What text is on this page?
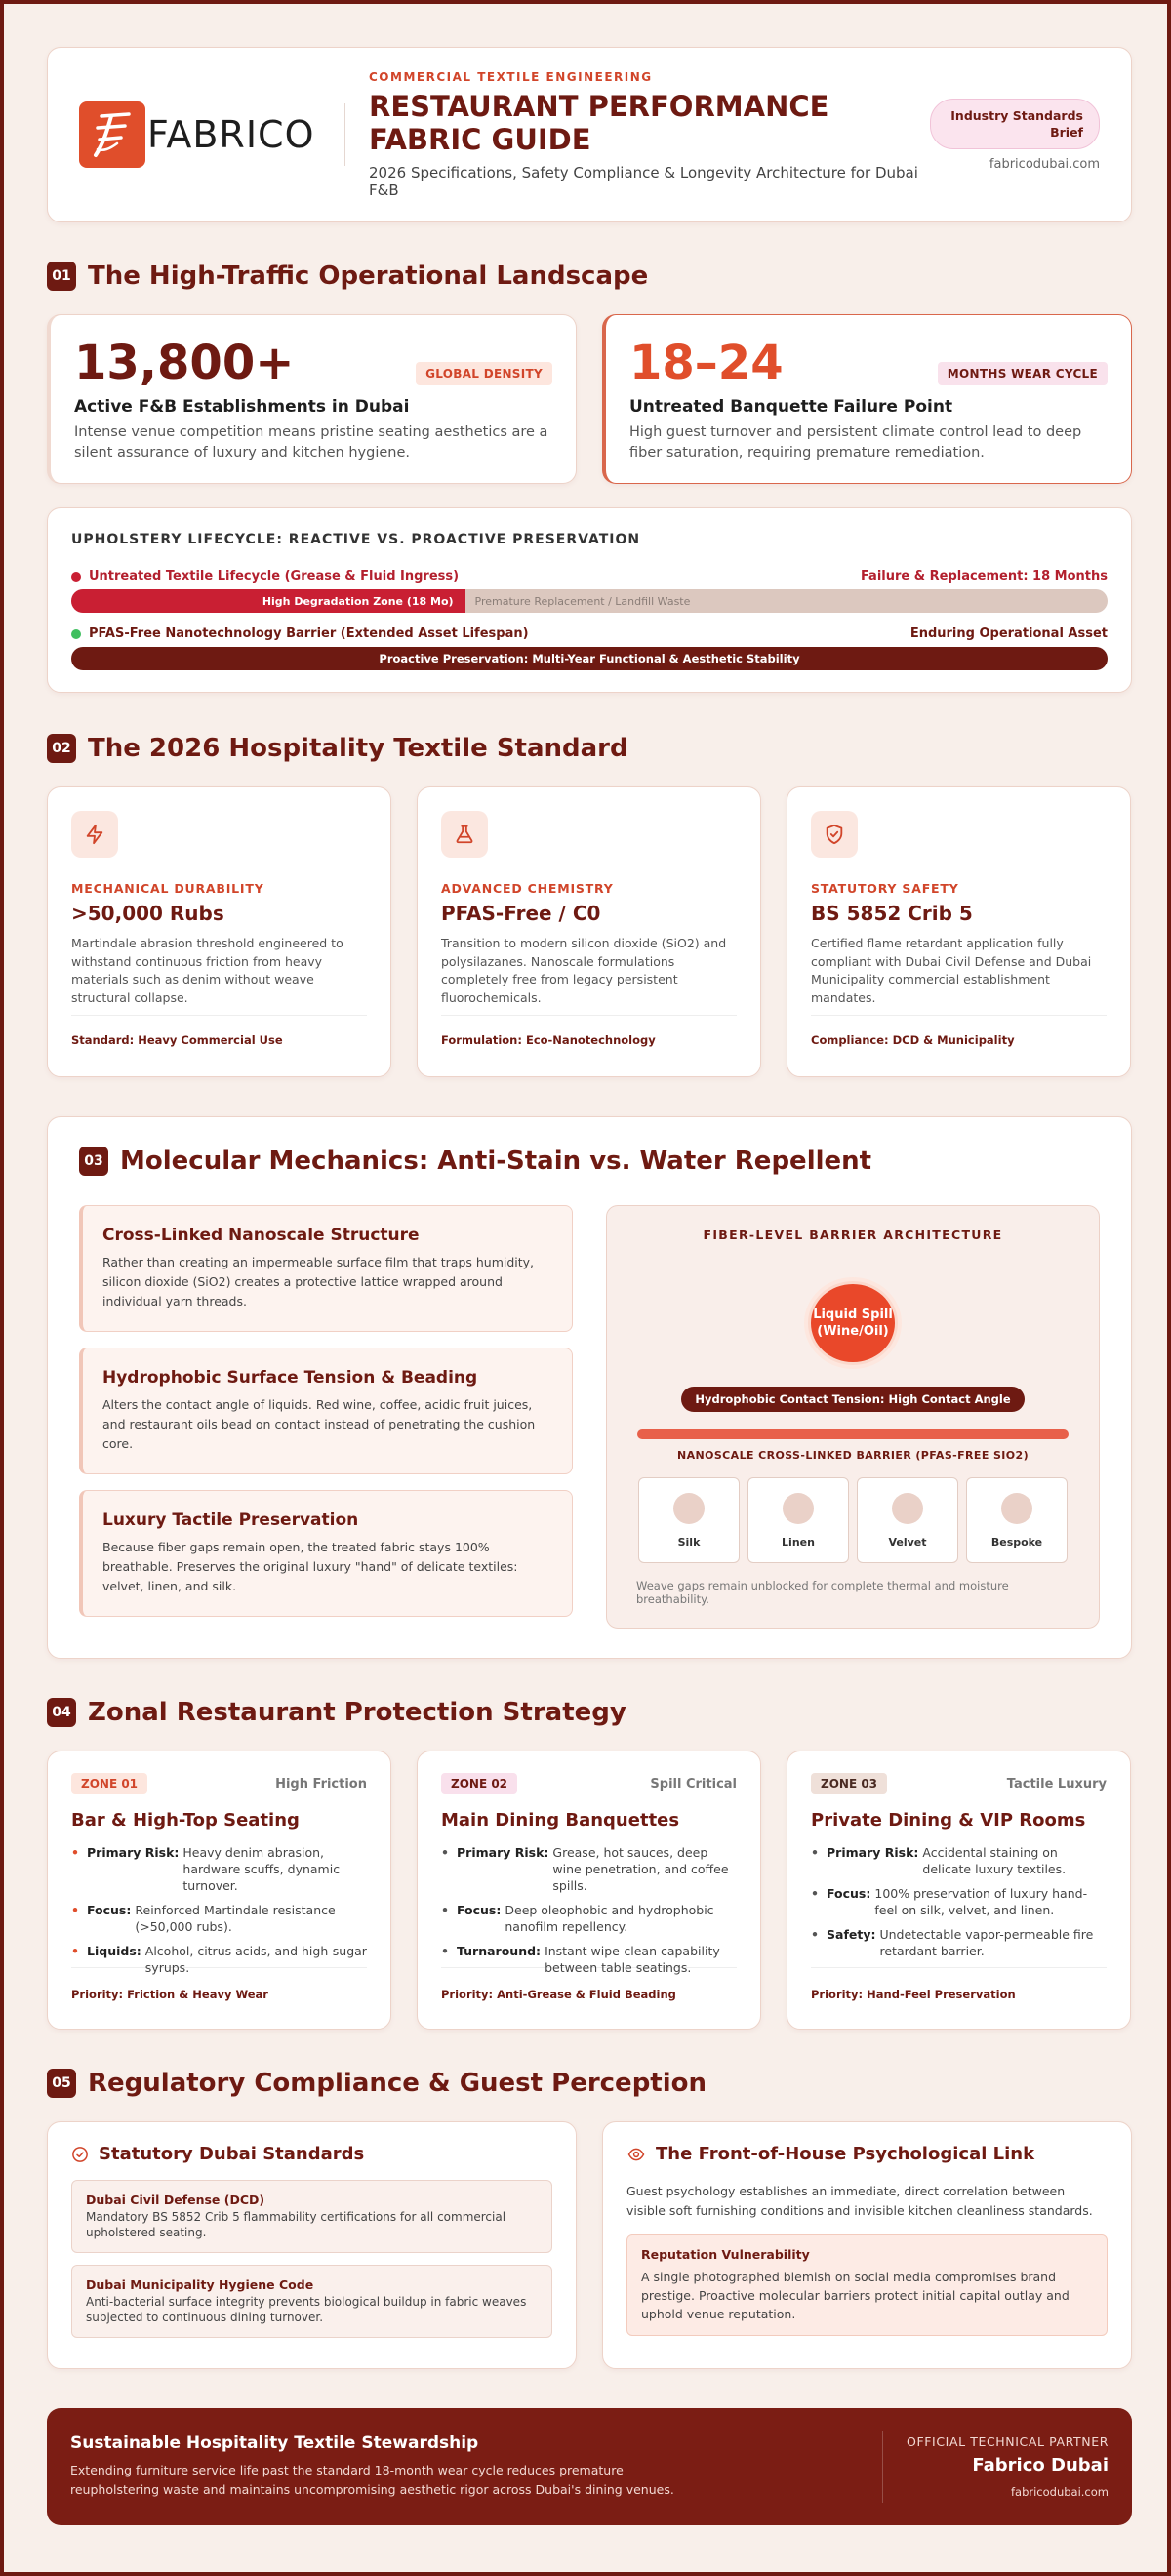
FABRICO
COMMERCIAL TEXTILE ENGINEERING
RESTAURANT PERFORMANCE FABRIC GUIDE
2026 Specifications, Safety Compliance & Longevity Architecture for Dubai F&B
Industry Standards Brief
fabricodubai.com
01 The High-Traffic Operational Landscape
13,800+	GLOBAL DENSITY
Active F&B Establishments in Dubai
Intense venue competition means pristine seating aesthetics are a silent assurance of luxury and kitchen hygiene.
18–24	MONTHS WEAR CYCLE
Untreated Banquette Failure Point
High guest turnover and persistent climate control lead to deep fiber saturation, requiring premature remediation.
UPHOLSTERY LIFECYCLE: REACTIVE VS. PROACTIVE PRESERVATION
Untreated Textile Lifecycle (Grease & Fluid Ingress)	Failure & Replacement: 18 Months
High Degradation Zone (18 Mo)	Premature Replacement / Landfill Waste
PFAS-Free Nanotechnology Barrier (Extended Asset Lifespan)	Enduring Operational Asset
Proactive Preservation: Multi-Year Functional & Aesthetic Stability
02 The 2026 Hospitality Textile Standard
MECHANICAL DURABILITY
>50,000 Rubs
Martindale abrasion threshold engineered to withstand continuous friction from heavy materials such as denim without weave structural collapse.
Standard: Heavy Commercial Use
ADVANCED CHEMISTRY
PFAS-Free / C0
Transition to modern silicon dioxide (SiO2) and polysilazanes. Nanoscale formulations completely free from legacy persistent fluorochemicals.
Formulation: Eco-Nanotechnology
STATUTORY SAFETY
BS 5852 Crib 5
Certified flame retardant application fully compliant with Dubai Civil Defense and Dubai Municipality commercial establishment mandates.
Compliance: DCD & Municipality
03 Molecular Mechanics: Anti-Stain vs. Water Repellent
Cross-Linked Nanoscale Structure
Rather than creating an impermeable surface film that traps humidity, silicon dioxide (SiO2) creates a protective lattice wrapped around individual yarn threads.
Hydrophobic Surface Tension & Beading
Alters the contact angle of liquids. Red wine, coffee, acidic fruit juices, and restaurant oils bead on contact instead of penetrating the cushion core.
Luxury Tactile Preservation
Because fiber gaps remain open, the treated fabric stays 100% breathable. Preserves the original luxury "hand" of delicate textiles: velvet, linen, and silk.
FIBER-LEVEL BARRIER ARCHITECTURE
Liquid Spill (Wine/Oil)
Hydrophobic Contact Tension: High Contact Angle
NANOSCALE CROSS-LINKED BARRIER (PFAS-FREE SIO2)
Silk	Linen	Velvet	Bespoke
Weave gaps remain unblocked for complete thermal and moisture breathability.
04 Zonal Restaurant Protection Strategy
ZONE 01	High Friction
Bar & High-Top Seating
• Primary Risk: Heavy denim abrasion, hardware scuffs, dynamic turnover.
• Focus: Reinforced Martindale resistance (>50,000 rubs).
• Liquids: Alcohol, citrus acids, and high-sugar syrups.
Priority: Friction & Heavy Wear
ZONE 02	Spill Critical
Main Dining Banquettes
• Primary Risk: Grease, hot sauces, deep wine penetration, and coffee spills.
• Focus: Deep oleophobic and hydrophobic nanofilm repellency.
• Turnaround: Instant wipe-clean capability between table seatings.
Priority: Anti-Grease & Fluid Beading
ZONE 03	Tactile Luxury
Private Dining & VIP Rooms
• Primary Risk: Accidental staining on delicate luxury textiles.
• Focus: 100% preservation of luxury hand-feel on silk, velvet, and linen.
• Safety: Undetectable vapor-permeable fire retardant barrier.
Priority: Hand-Feel Preservation
05 Regulatory Compliance & Guest Perception
Statutory Dubai Standards
Dubai Civil Defense (DCD)
Mandatory BS 5852 Crib 5 flammability certifications for all commercial upholstered seating.
Dubai Municipality Hygiene Code
Anti-bacterial surface integrity prevents biological buildup in fabric weaves subjected to continuous dining turnover.
The Front-of-House Psychological Link
Guest psychology establishes an immediate, direct correlation between visible soft furnishing conditions and invisible kitchen cleanliness standards.
Reputation Vulnerability
A single photographed blemish on social media compromises brand prestige. Proactive molecular barriers protect initial capital outlay and uphold venue reputation.
Sustainable Hospitality Textile Stewardship
Extending furniture service life past the standard 18-month wear cycle reduces premature reupholstering waste and maintains uncompromising aesthetic rigor across Dubai's dining venues.
OFFICIAL TECHNICAL PARTNER
Fabrico Dubai
fabricodubai.com
